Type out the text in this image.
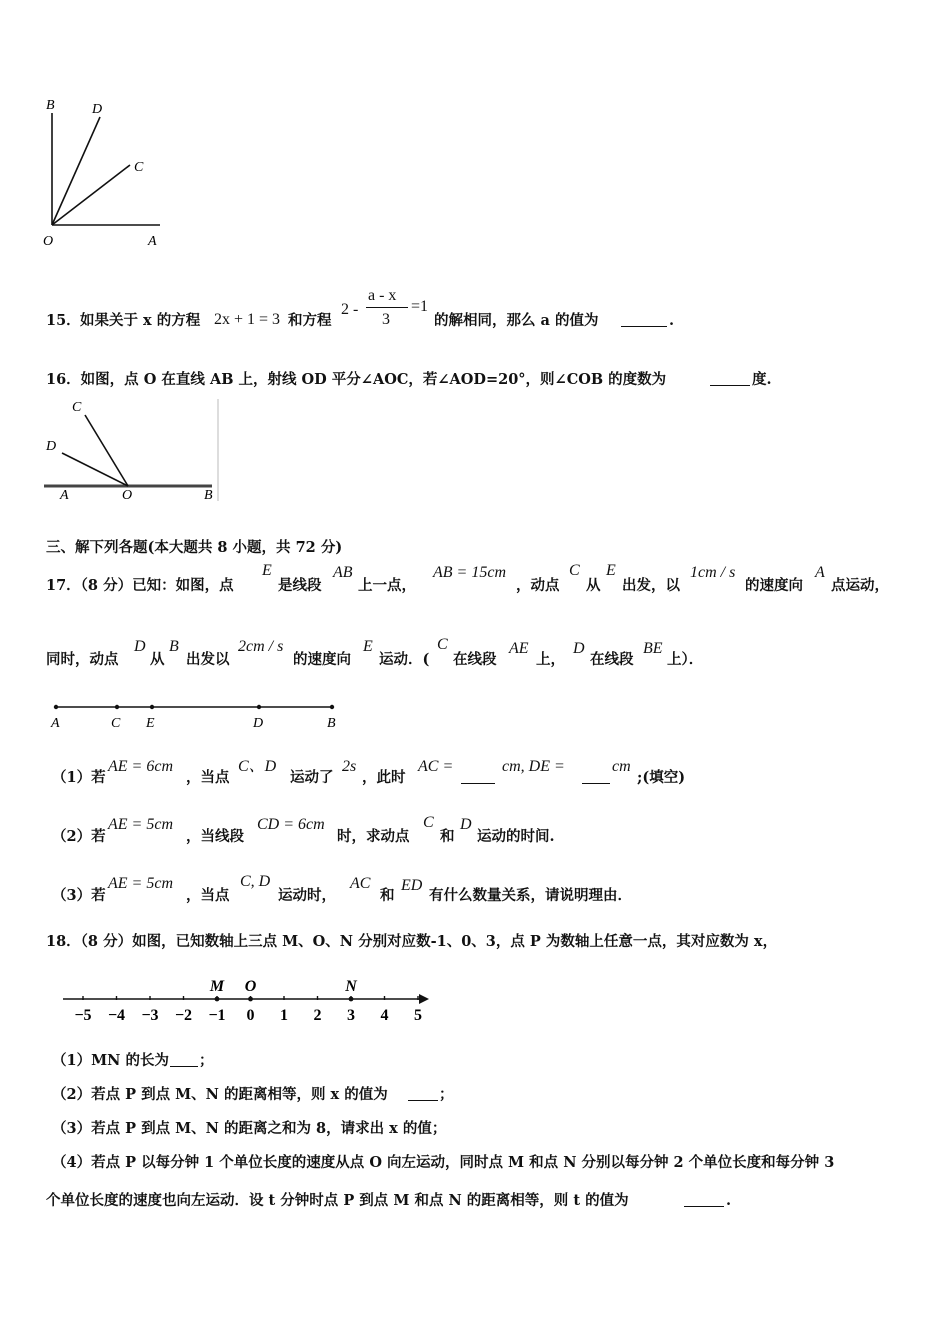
B	D
C
O	A
15． 如果关于 x 的方程 2x + 1 = 3 和方程
2 -
a - x
3
=1
的解相同，那么 a 的值为	.
16．如图，点 O 在直线 AB 上，射线 OD 平分∠AOC，若∠AOD=20°，则∠COB 的度数为	度.
C
D
A	O	B
三、解下列各题(本大题共 8 小题，共 72 分)
17．（8 分）已知：如图，点
E
是线段
AB
上一点，
AB = 15cm
，动点
C
从
E
出发，以
1cm / s
的速度向
A
点运动，
同时，动点
D
从
B
出发以
2cm / s
的速度向
E
运动．(
C
在线段
AE
上，
D
在线段
BE
上）．
A	C E	D	B
（1）若
AE = 6cm
，当点
C、D
运动了
2s
，此时
AC =	cm, DE =	cm
;(填空)
（2）若
AE = 5cm
，当线段
CD = 6cm
时，求动点
C
和
D
运动的时间.
（3）若
AE = 5cm
，当点
C, D
运动时，
AC
和
ED
有什么数量关系，请说明理由．
18．（8 分）如图，已知数轴上三点 M、O、N 分别对应数-1、0、3，点 P 为数轴上任意一点，其对应数为 x，
−5 −4 −3 −2 −1 0 1 2 3 4 5
M O	N
（1）MN 的长为 ；
（2）若点 P 到点 M、N 的距离相等，则 x 的值为	；
（3）若点 P 到点 M、N 的距离之和为 8，请求出 x 的值；
（4）若点 P 以每分钟 1 个单位长度的速度从点 O 向左运动，同时点 M 和点 N 分别以每分钟 2 个单位长度和每分钟 3
个单位长度的速度也向左运动．设 t 分钟时点 P 到点 M 和点 N 的距离相等，则 t 的值为	.
